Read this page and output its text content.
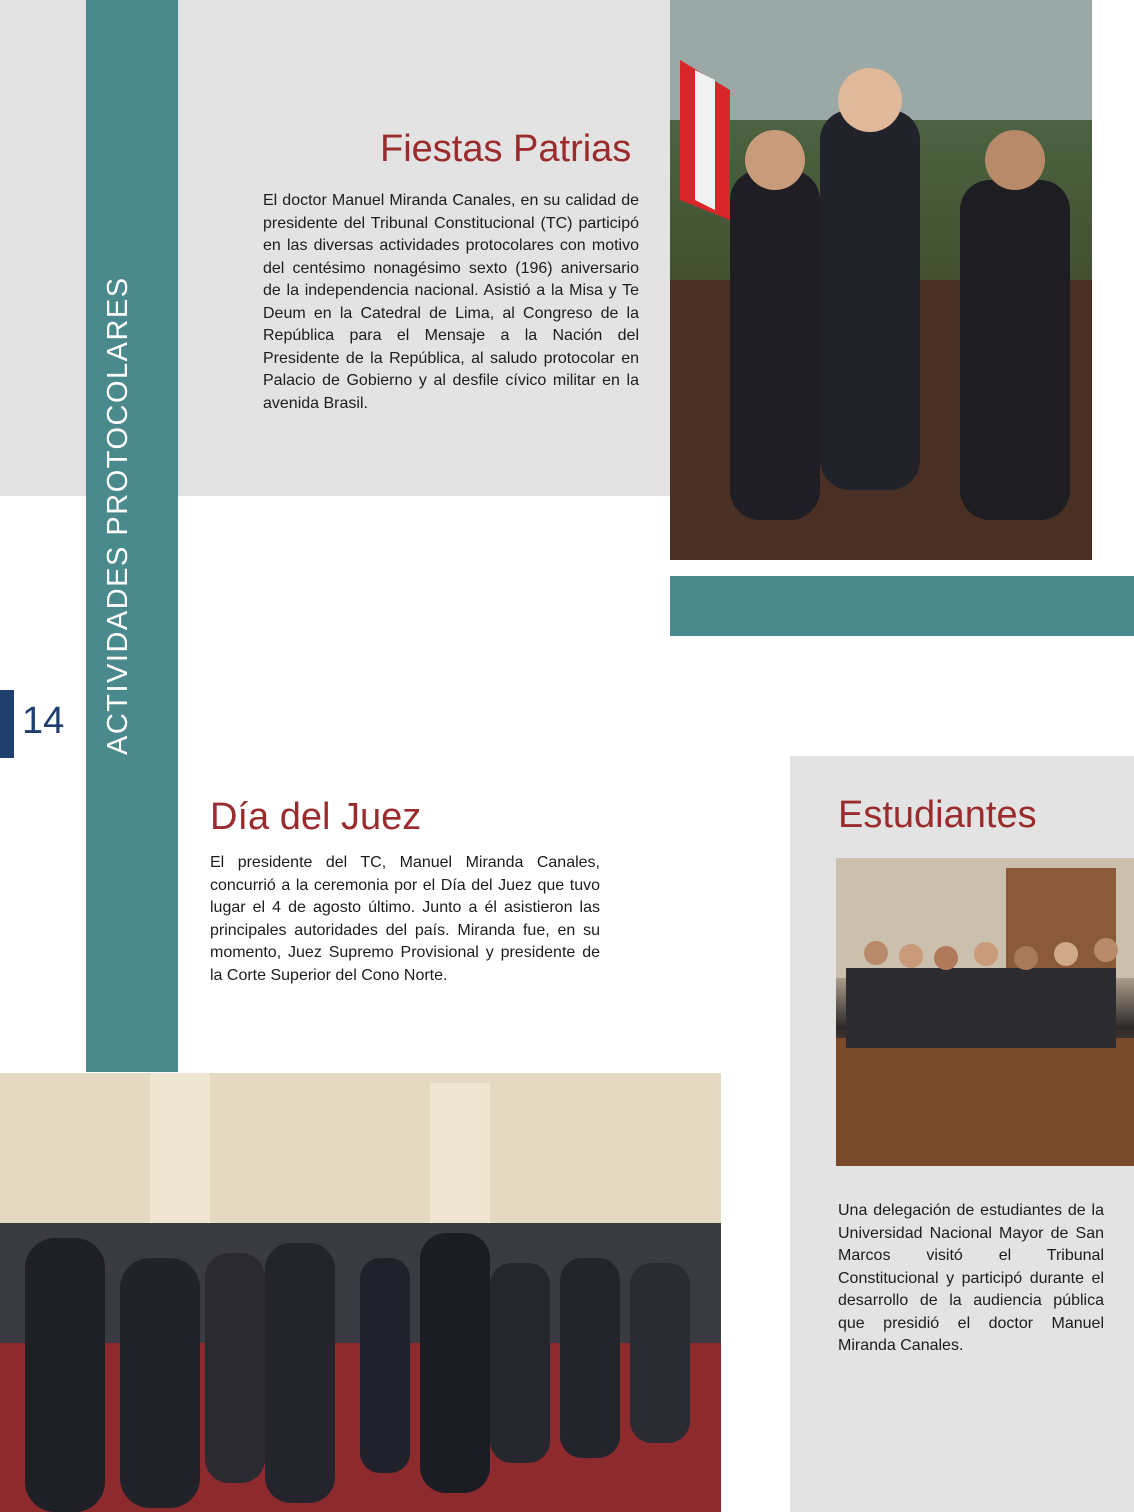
ACTIVIDADES PROTOCOLARES
14
Fiestas Patrias
El doctor Manuel Miranda Canales, en su calidad de presidente del Tribunal Constitucional (TC) participó en las diversas actividades protocolares con motivo del centésimo nonagésimo sexto (196) aniversario de la independencia nacional. Asistió a la Misa y Te Deum en la Catedral de Lima, al Congreso de la República para el Mensaje a la Nación del Presidente de la República, al saludo protocolar en Palacio de Gobierno y al desfile cívico militar en la avenida Brasil.
Día del Juez
El presidente del TC, Manuel Miranda Canales, concurrió a la ceremonia por el Día del Juez que tuvo lugar el 4 de agosto último. Junto a él asistieron las principales autoridades del país. Miranda fue, en su momento, Juez Supremo Provisional y presidente de la Corte Superior del Cono Norte.
Estudiantes
Una delegación de estudiantes de la Universidad Nacional Mayor de San Marcos visitó el Tribunal Constitucional y participó durante el desarrollo de la audiencia pública que presidió el doctor Manuel Miranda Canales.
